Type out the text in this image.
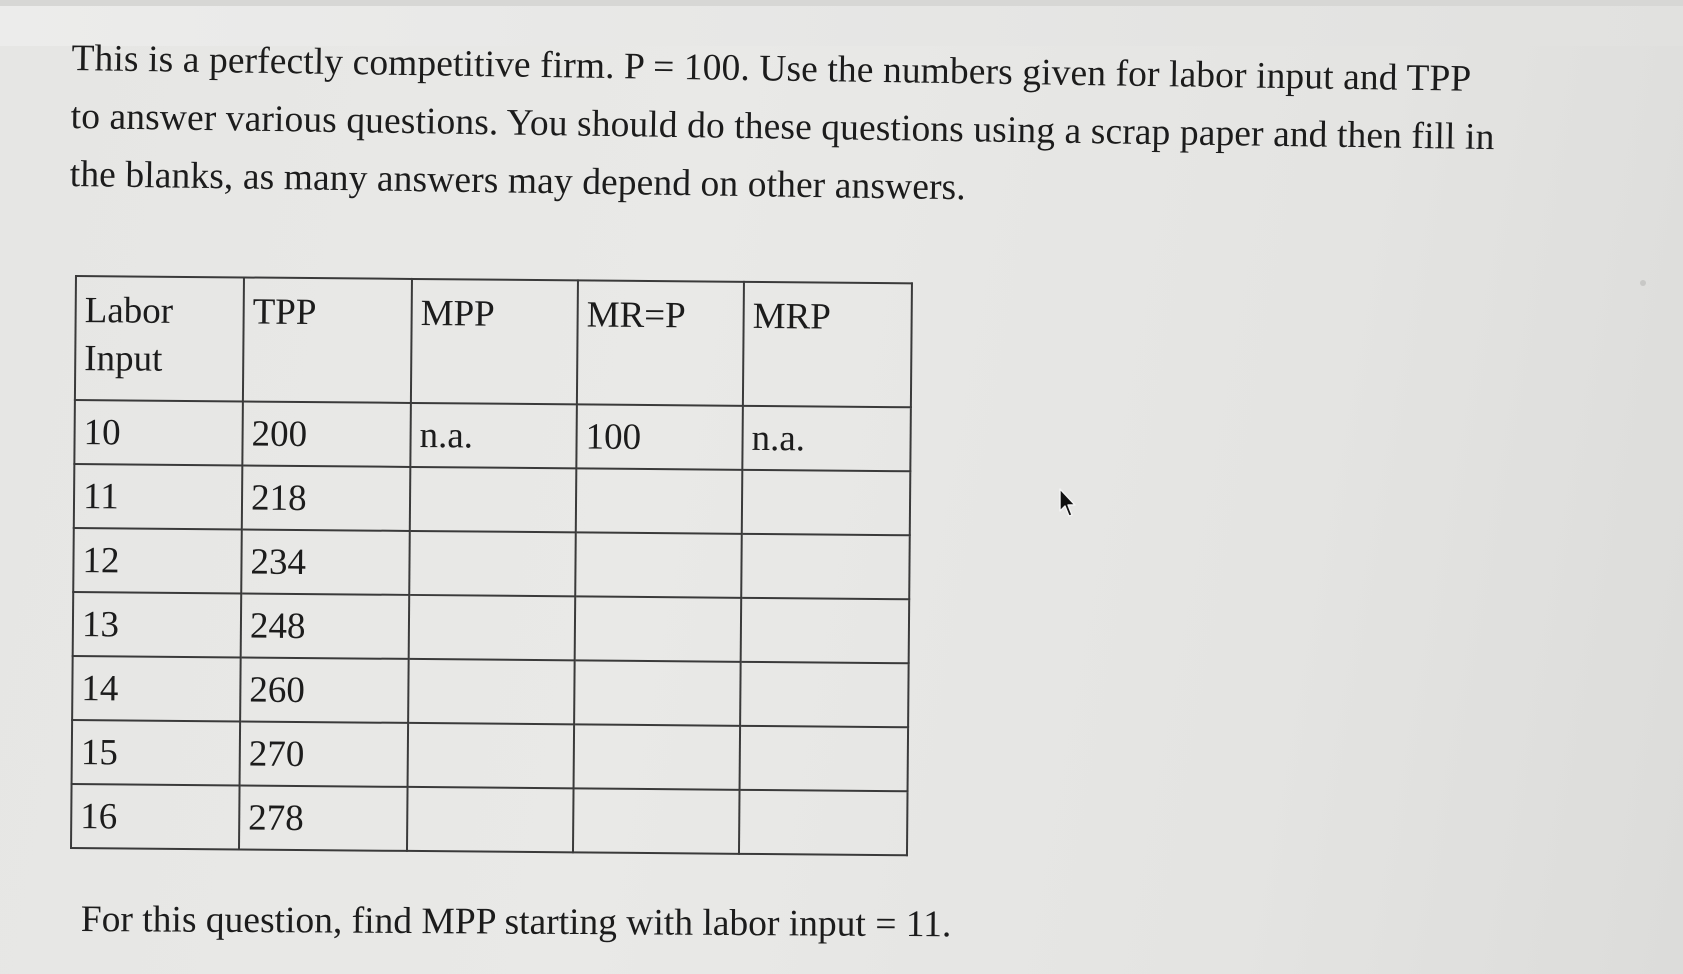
This is a perfectly competitive firm. P = 100. Use the numbers given for labor input and TPP
to answer various questions. You should do these questions using a scrap paper and then fill in
the blanks, as many answers may depend on other answers.

Labor
Input	TPP	MPP	MR=P	MRP
10	200	n.a.	100	n.a.
11	218			
12	234			
13	248			
14	260			
15	270			
16	278			
For this question, find MPP starting with labor input = 11.
